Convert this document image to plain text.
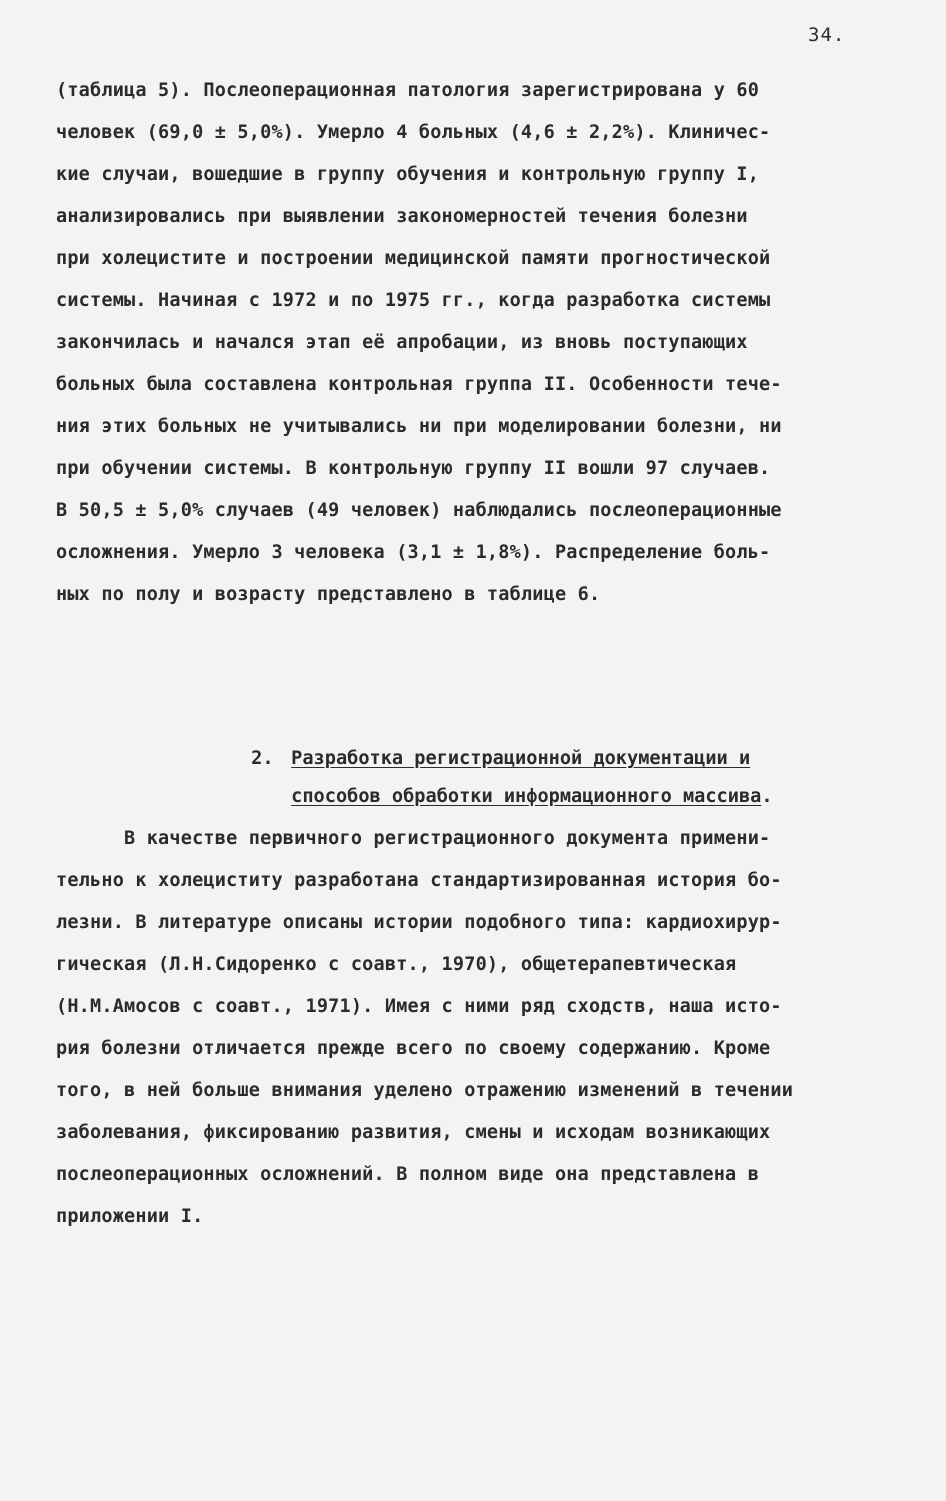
34.
(таблица 5). Послеоперационная патология зарегистрирована у 60
человек (69,0 ± 5,0%). Умерло 4 больных (4,6 ± 2,2%). Клиничес-
кие случаи, вошедшие в группу обучения и контрольную группу I,
анализировались при выявлении закономерностей течения болезни
при холецистите и построении медицинской памяти прогностической
системы. Начиная с 1972 и по 1975 гг., когда разработка системы
закончилась и начался этап её апробации, из вновь поступающих
больных была составлена контрольная группа II. Особенности тече-
ния этих больных не учитывались ни при моделировании болезни, ни
при обучении системы. В контрольную группу II вошли 97 случаев.
В 50,5 ± 5,0% случаев (49 человек) наблюдались послеоперационные
осложнения. Умерло 3 человека (3,1 ± 1,8%). Распределение боль-
ных по полу и возрасту представлено в таблице 6.

2. Разработка регистрационной документации и

способов обработки информационного массива.

В качестве первичного регистрационного документа примени-
тельно к холециститу разработана стандартизированная история бо-
лезни. В литературе описаны истории подобного типа: кардиохирур-
гическая (Л.Н.Сидоренко с соавт., 1970), общетерапевтическая
(Н.М.Амосов с соавт., 1971). Имея с ними ряд сходств, наша исто-
рия болезни отличается прежде всего по своему содержанию. Кроме
того, в ней больше внимания уделено отражению изменений в течении
заболевания, фиксированию развития, смены и исходам возникающих
послеоперационных осложнений. В полном виде она представлена в
приложении I.
